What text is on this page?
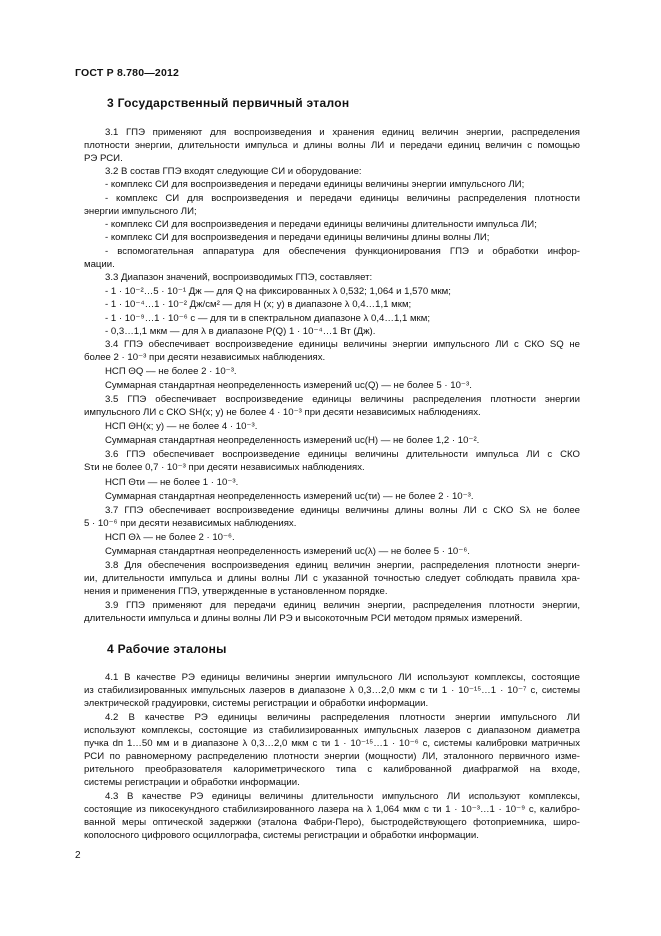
ГОСТ Р 8.780—2012
3 Государственный первичный эталон
3.1 ГПЭ применяют для воспроизведения и хранения единиц величин энергии, распределения
плотности энергии, длительности импульса и длины волны ЛИ и передачи единиц величин с помощью
РЭ РСИ.
3.2 В состав ГПЭ входят следующие СИ и оборудование:
- комплекс СИ для воспроизведения и передачи единицы величины энергии импульсного ЛИ;
- комплекс СИ для воспроизведения и передачи единицы величины распределения плотности
энергии импульсного ЛИ;
- комплекс СИ для воспроизведения и передачи единицы величины длительности импульса ЛИ;
- комплекс СИ для воспроизведения и передачи единицы величины длины волны ЛИ;
- вспомогательная аппаратура для обеспечения функционирования ГПЭ и обработки инфор-
мации.
3.3 Диапазон значений, воспроизводимых ГПЭ, составляет:
- 1 · 10⁻²…5 · 10⁻¹ Дж — для Q на фиксированных λ 0,532; 1,064 и 1,570 мкм;
- 1 · 10⁻⁴…1 · 10⁻² Дж/см² — для H (x; y) в диапазоне λ 0,4…1,1 мкм;
- 1 · 10⁻⁹…1 · 10⁻⁶ с — для τи в спектральном диапазоне λ 0,4…1,1 мкм;
- 0,3…1,1 мкм — для λ в диапазоне P(Q) 1 · 10⁻⁴…1 Вт (Дж).
3.4 ГПЭ обеспечивает воспроизведение единицы величины энергии импульсного ЛИ с СКО SQ не
более 2 · 10⁻³ при десяти независимых наблюдениях.
НСП ΘQ — не более 2 · 10⁻³.
Суммарная стандартная неопределенность измерений uc(Q) — не более 5 · 10⁻³.
3.5 ГПЭ обеспечивает воспроизведение единицы величины распределения плотности энергии
импульсного ЛИ с СКО SH(x; y) не более 4 · 10⁻³ при десяти независимых наблюдениях.
НСП ΘH(x; y) — не более 4 · 10⁻³.
Суммарная стандартная неопределенность измерений uc(H) — не более 1,2 · 10⁻².
3.6 ГПЭ обеспечивает воспроизведение единицы величины длительности импульса ЛИ с СКО
Sτи не более 0,7 · 10⁻³ при десяти независимых наблюдениях.
НСП Θτи — не более 1 · 10⁻³.
Суммарная стандартная неопределенность измерений uc(τи) — не более 2 · 10⁻³.
3.7 ГПЭ обеспечивает воспроизведение единицы величины длины волны ЛИ с СКО Sλ не более
5 · 10⁻⁶ при десяти независимых наблюдениях.
НСП Θλ — не более 2 · 10⁻⁶.
Суммарная стандартная неопределенность измерений uc(λ) — не более 5 · 10⁻⁶.
3.8 Для обеспечения воспроизведения единиц величин энергии, распределения плотности энерги-
ии, длительности импульса и длины волны ЛИ с указанной точностью следует соблюдать правила хра-
нения и применения ГПЭ, утвержденные в установленном порядке.
3.9 ГПЭ применяют для передачи единиц величин энергии, распределения плотности энергии,
длительности импульса и длины волны ЛИ РЭ и высокоточным РСИ методом прямых измерений.
4 Рабочие эталоны
4.1 В качестве РЭ единицы величины энергии импульсного ЛИ используют комплексы, состоящие
из стабилизированных импульсных лазеров в диапазоне λ 0,3…2,0 мкм с τи 1 · 10⁻¹⁵…1 · 10⁻⁷ с, системы
электрической градуировки, системы регистрации и обработки информации.
4.2 В качестве РЭ единицы величины распределения плотности энергии импульсного ЛИ
используют комплексы, состоящие из стабилизированных импульсных лазеров с диапазоном диаметра
пучка dп 1…50 мм и в диапазоне λ 0,3…2,0 мкм с τи 1 · 10⁻¹⁵…1 · 10⁻⁶ с, системы калибровки матричных
РСИ по равномерному распределению плотности энергии (мощности) ЛИ, эталонного первичного изме-
рительного преобразователя калориметрического типа с калиброванной диафрагмой на входе,
системы регистрации и обработки информации.
4.3 В качестве РЭ единицы величины длительности импульсного ЛИ используют комплексы,
состоящие из пикосекундного стабилизированного лазера на λ 1,064 мкм с τи 1 · 10⁻³…1 · 10⁻⁹ с, калибро-
ванной меры оптической задержки (эталона Фабри-Перо), быстродействующего фотоприемника, широ-
кополосного цифрового осциллографа, системы регистрации и обработки информации.
2
